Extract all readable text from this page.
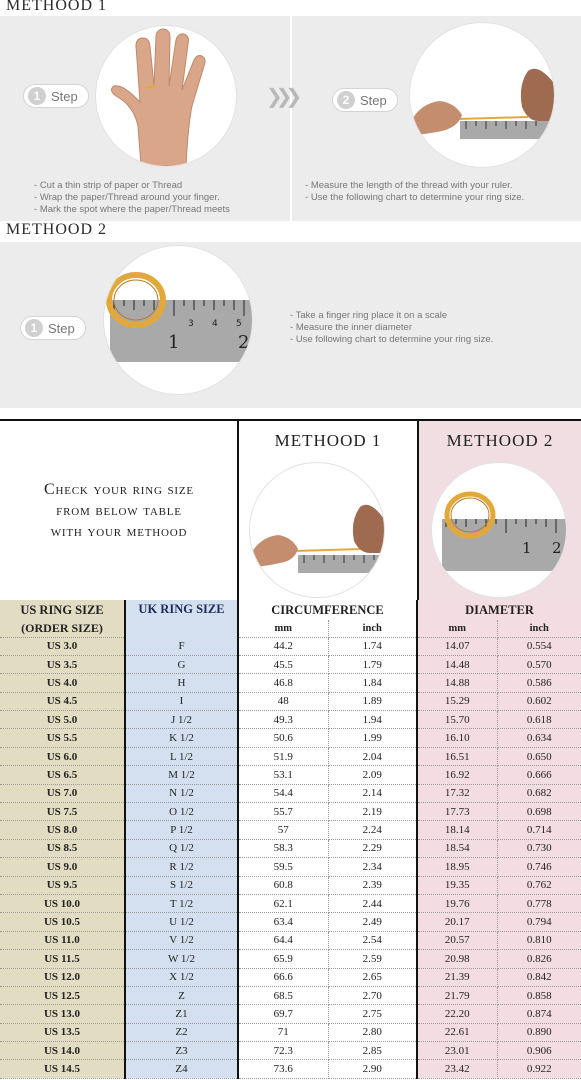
METHOOD 1
1 Step
- Cut a thin strip of paper or Thread
- Wrap the paper/Thread around your finger.
- Mark the spot where the paper/Thread meets
❯❯❯	2 Step
- Measure the length of the thread with your ruler.
- Use the following chart to determine your ring size.
METHOOD 2
1 Step	3 4 5
1	2
- Take a finger ring place it on a scale
- Measure the inner diameter
- Use following chart to determine your ring size.
Check your ring size
from below table
with your methood
METHOOD 1	METHOOD 2
1 2
US RING SIZE	UK RING SIZE	CIRCUMFERENCE		DIAMETER	
(ORDER SIZE)		mm	inch	mm	inch
US 3.0	F	44.2	1.74	14.07	0.554
US 3.5	G	45.5	1.79	14.48	0.570
US 4.0	H	46.8	1.84	14.88	0.586
US 4.5	I	48	1.89	15.29	0.602
US 5.0	J 1/2	49.3	1.94	15.70	0.618
US 5.5	K 1/2	50.6	1.99	16.10	0.634
US 6.0	L 1/2	51.9	2.04	16.51	0.650
US 6.5	M 1/2	53.1	2.09	16.92	0.666
US 7.0	N 1/2	54.4	2.14	17.32	0.682
US 7.5	O 1/2	55.7	2.19	17.73	0.698
US 8.0	P 1/2	57	2.24	18.14	0.714
US 8.5	Q 1/2	58.3	2.29	18.54	0.730
US 9.0	R 1/2	59.5	2.34	18.95	0.746
US 9.5	S 1/2	60.8	2.39	19.35	0.762
US 10.0	T 1/2	62.1	2.44	19.76	0.778
US 10.5	U 1/2	63.4	2.49	20.17	0.794
US 11.0	V 1/2	64.4	2.54	20.57	0.810
US 11.5	W 1/2	65.9	2.59	20.98	0.826
US 12.0	X 1/2	66.6	2.65	21.39	0.842
US 12.5	Z	68.5	2.70	21.79	0.858
US 13.0	Z1	69.7	2.75	22.20	0.874
US 13.5	Z2	71	2.80	22.61	0.890
US 14.0	Z3	72.3	2.85	23.01	0.906
US 14.5	Z4	73.6	2.90	23.42	0.922
